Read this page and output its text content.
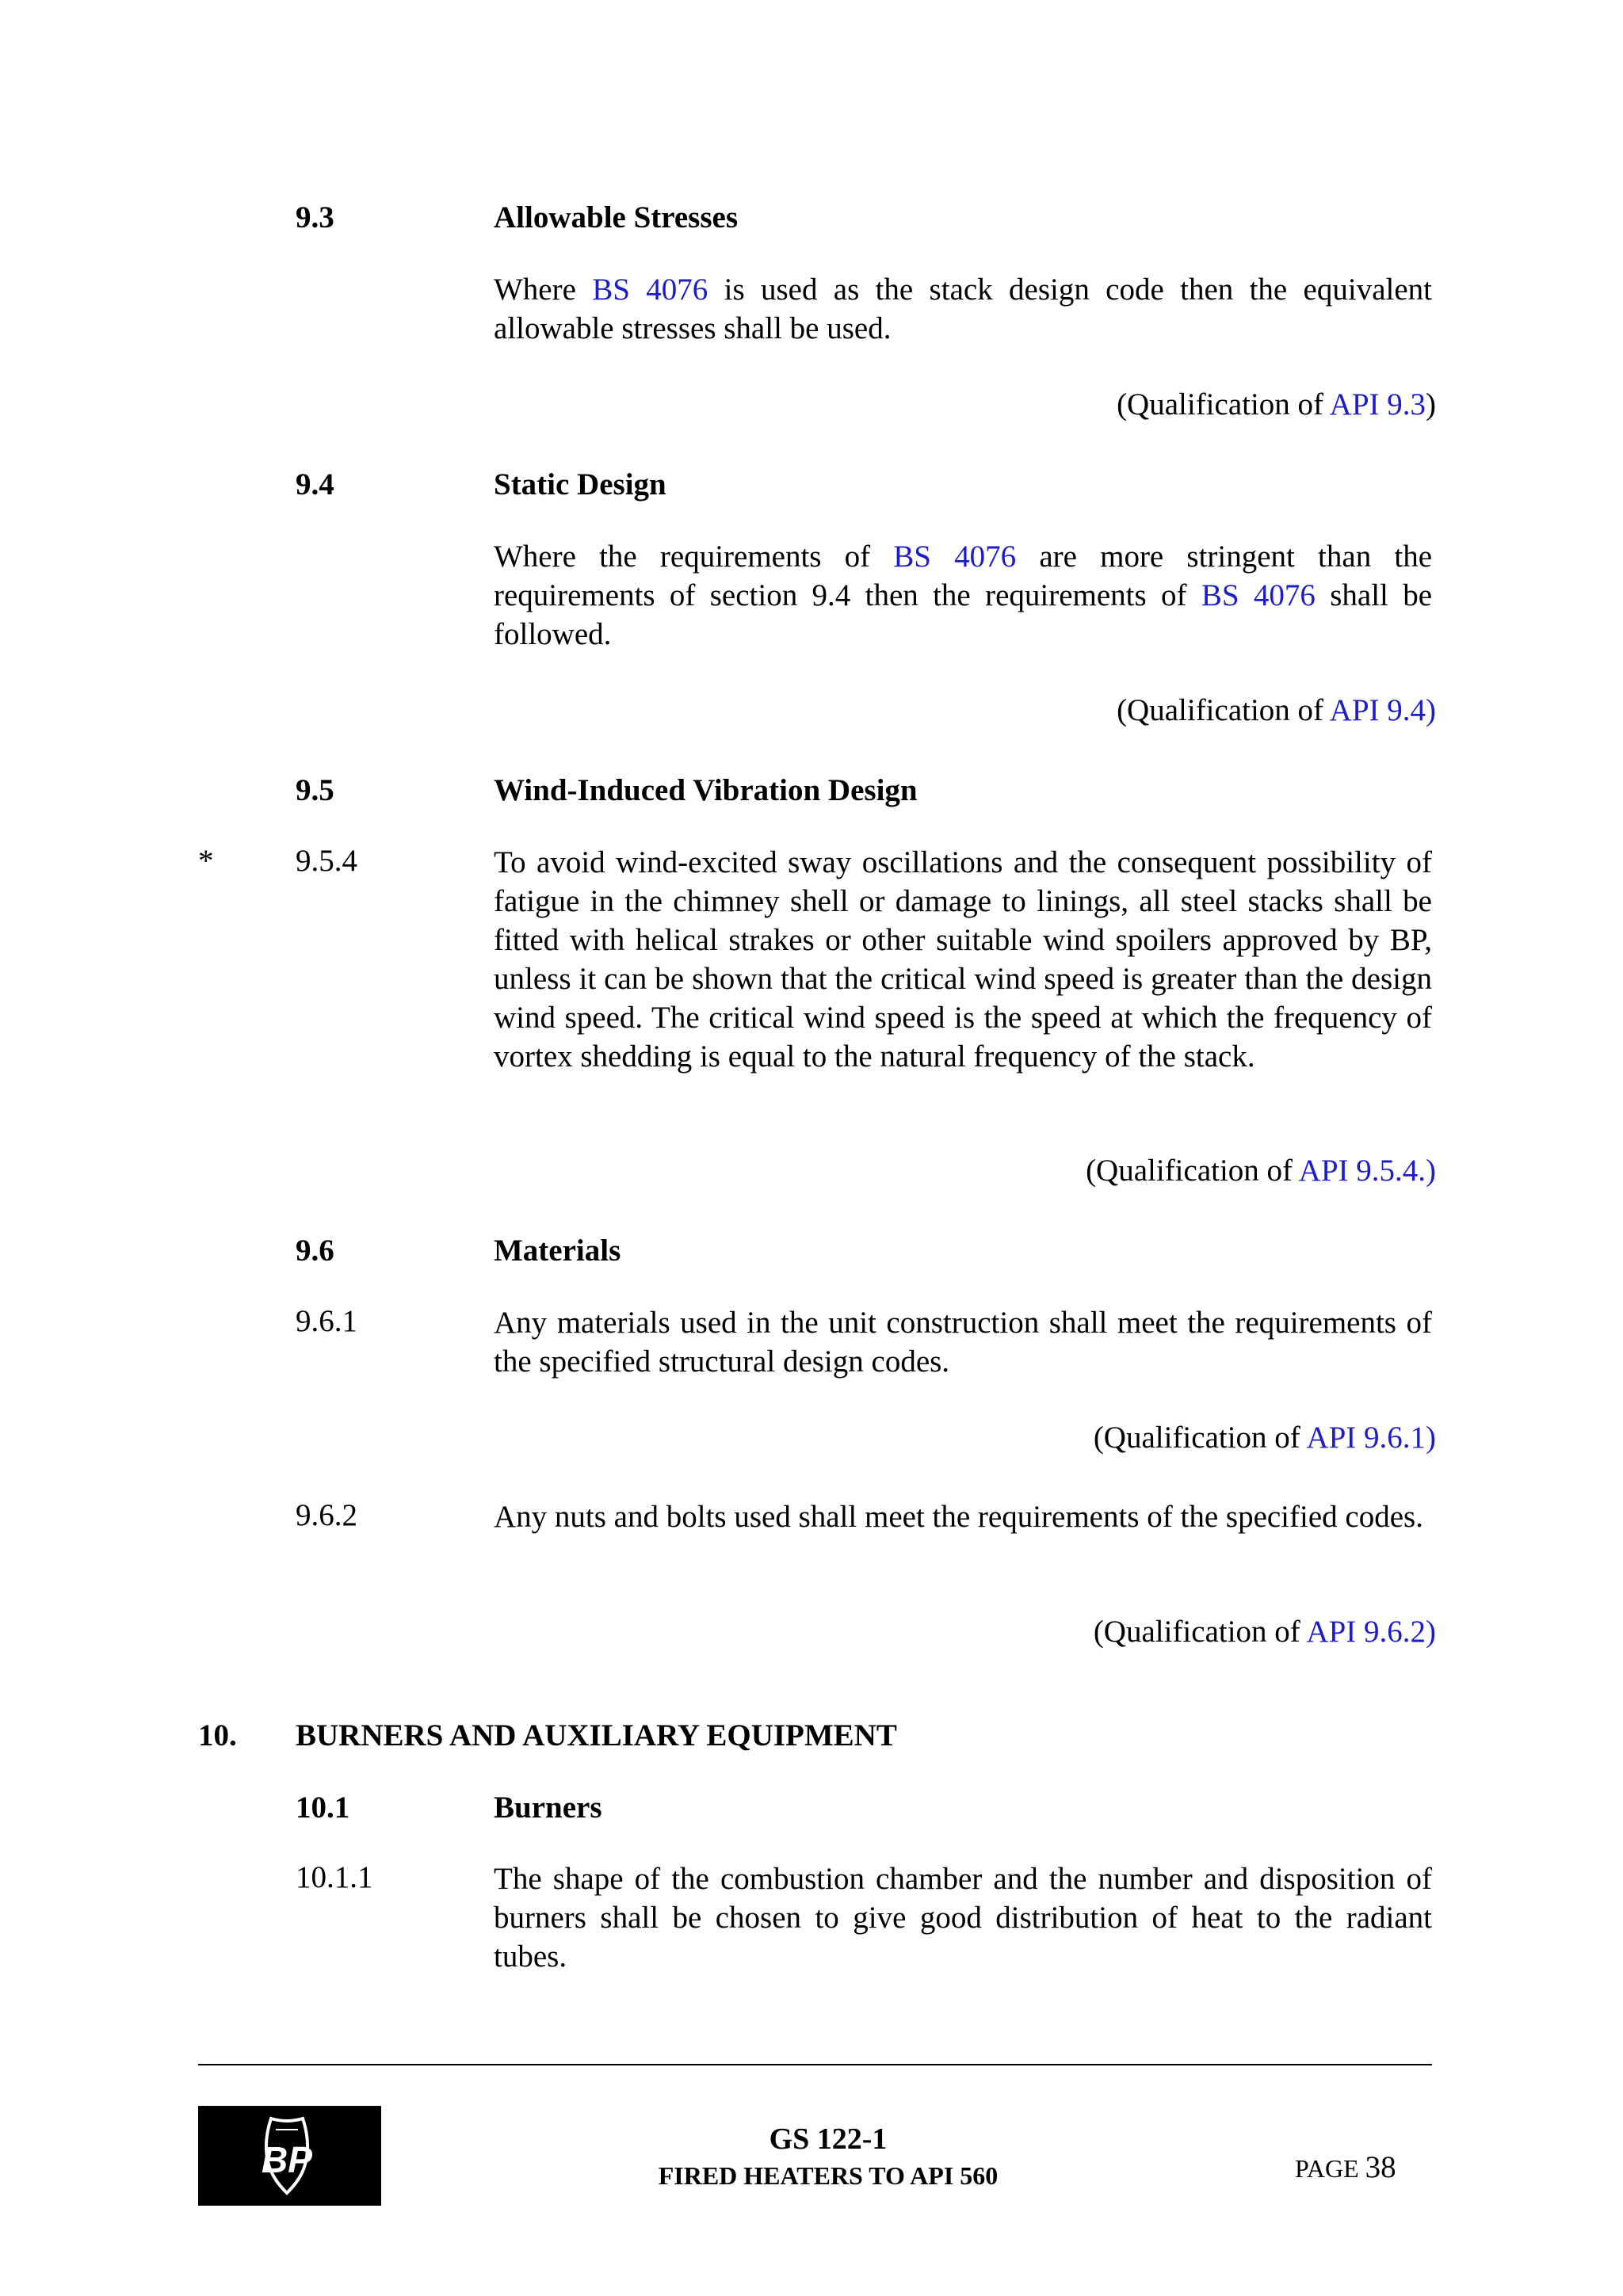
9.3	Allowable Stresses
Where BS 4076 is used as the stack design code then the equivalent allowable stresses shall be used.
(Qualification of API 9.3)
9.4	Static Design
Where the requirements of BS 4076 are more stringent than the requirements of section 9.4 then the requirements of BS 4076 shall be followed.
(Qualification of API 9.4)
9.5	Wind-Induced Vibration Design
*	9.5.4	To avoid wind-excited sway oscillations and the consequent possibility of fatigue in the chimney shell or damage to linings, all steel stacks shall be fitted with helical strakes or other suitable wind spoilers approved by BP, unless it can be shown that the critical wind speed is greater than the design wind speed. The critical wind speed is the speed at which the frequency of vortex shedding is equal to the natural frequency of the stack.
(Qualification of API 9.5.4.)
9.6	Materials
9.6.1	Any materials used in the unit construction shall meet the requirements of the specified structural design codes.
(Qualification of API 9.6.1)
9.6.2	Any nuts and bolts used shall meet the requirements of the specified codes.
(Qualification of API 9.6.2)
10. BURNERS AND AUXILIARY EQUIPMENT
10.1	Burners
10.1.1	The shape of the combustion chamber and the number and disposition of burners shall be chosen to give good distribution of heat to the radiant tubes.
BP	GS 122-1
FIRED HEATERS TO API 560	PAGE 38
